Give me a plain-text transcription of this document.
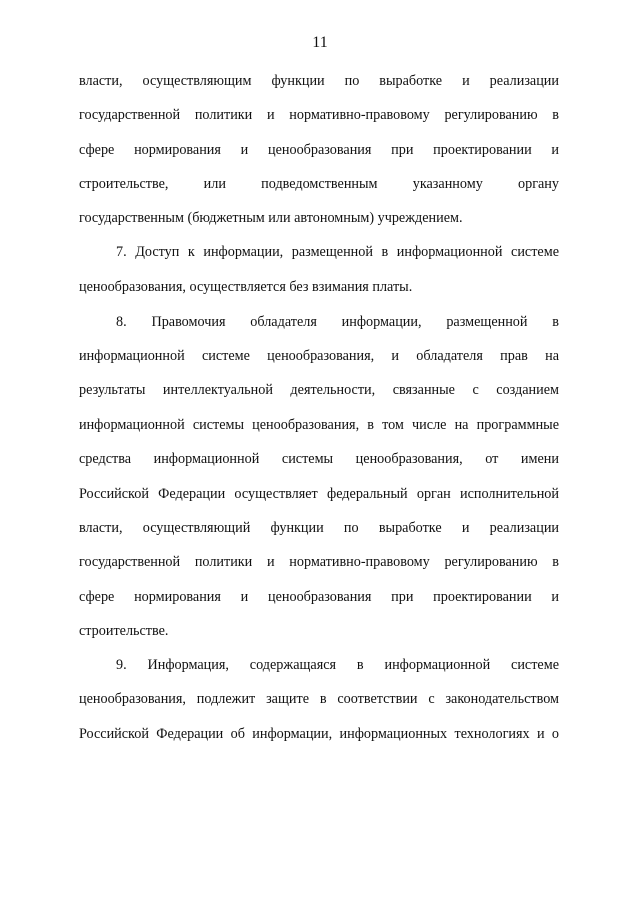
11
власти, осуществляющим функции по выработке и реализации
государственной политики и нормативно-правовому регулированию в
сфере нормирования и ценообразования при проектировании и
строительстве, или подведомственным указанному органу
государственным (бюджетным или автономным) учреждением.
7. Доступ к информации, размещенной в информационной системе
ценообразования, осуществляется без взимания платы.
8. Правомочия обладателя информации, размещенной в
информационной системе ценообразования, и обладателя прав на
результаты интеллектуальной деятельности, связанные с созданием
информационной системы ценообразования, в том числе на программные
средства информационной системы ценообразования, от имени
Российской Федерации осуществляет федеральный орган исполнительной
власти, осуществляющий функции по выработке и реализации
государственной политики и нормативно-правовому регулированию в
сфере нормирования и ценообразования при проектировании и
строительстве.
9. Информация, содержащаяся в информационной системе
ценообразования, подлежит защите в соответствии с законодательством
Российской Федерации об информации, информационных технологиях и о
